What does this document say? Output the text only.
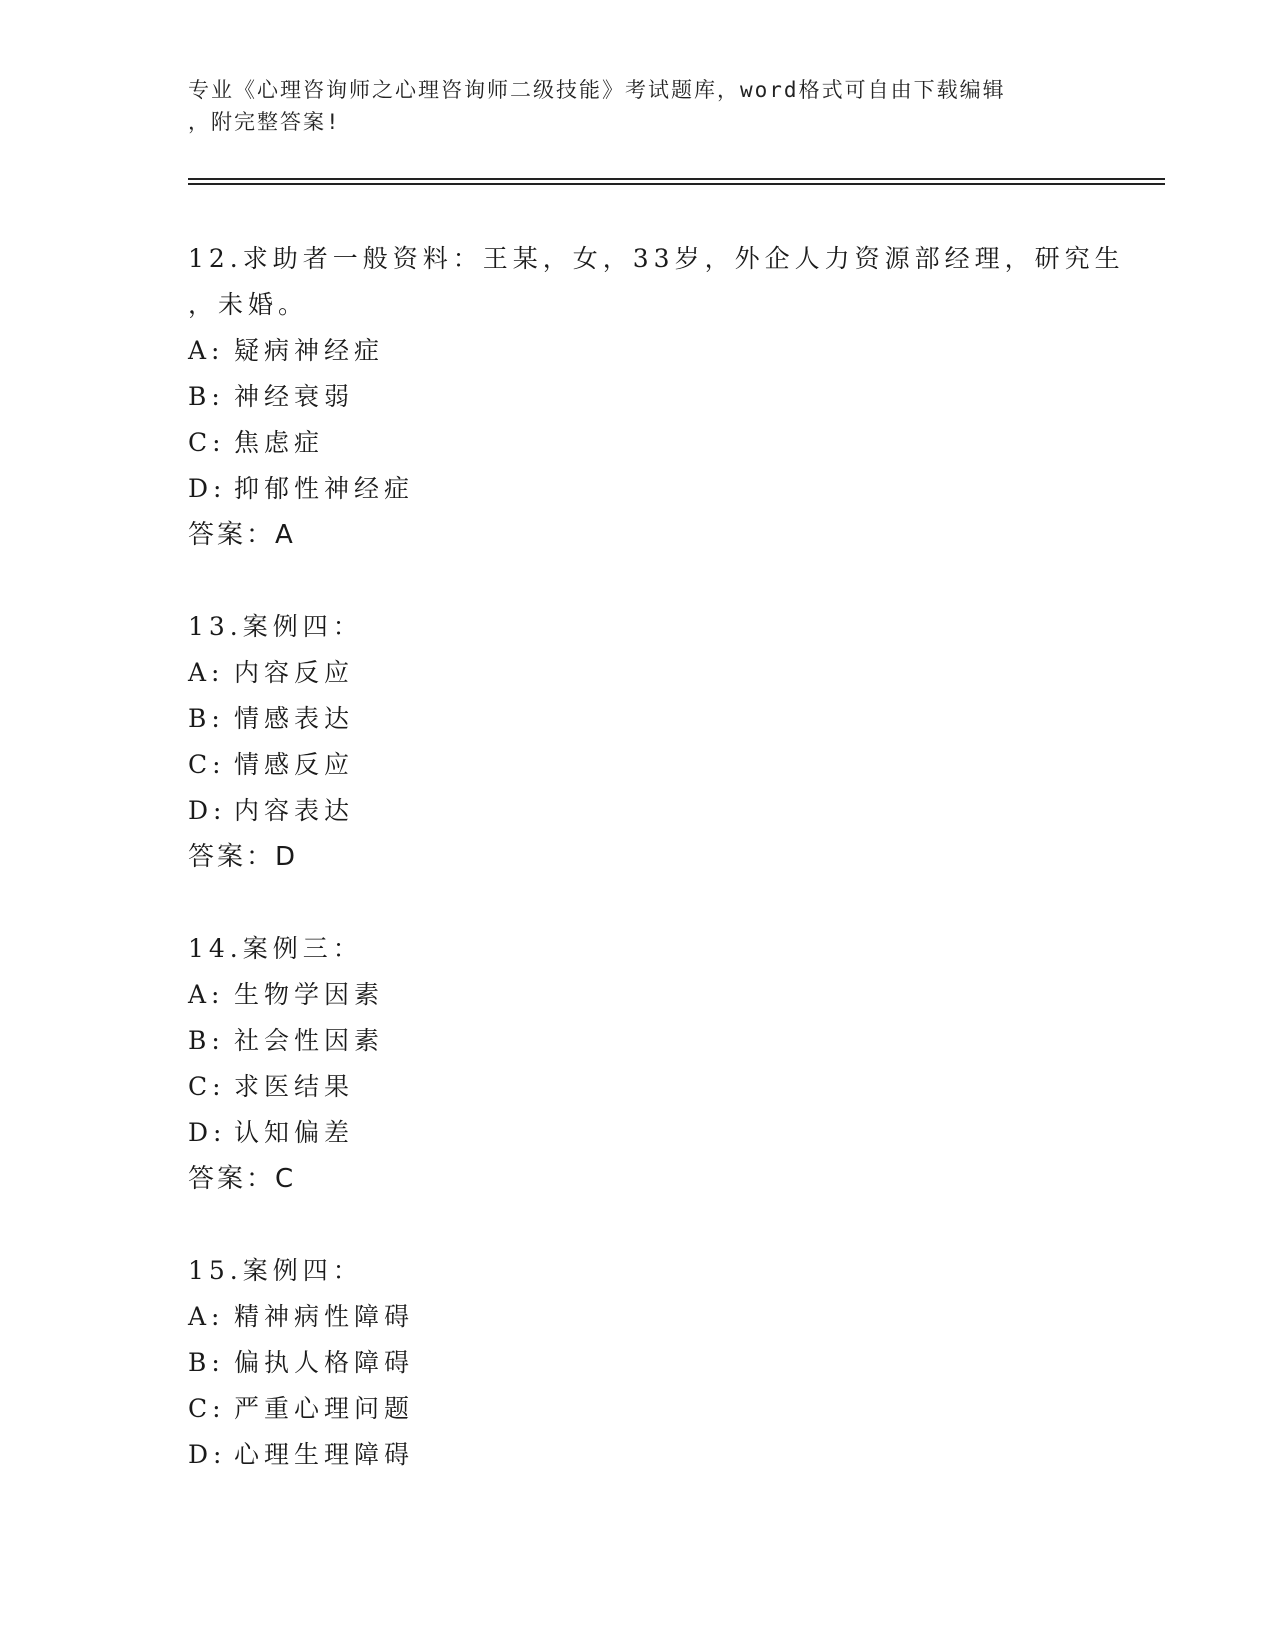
专业《心理咨询师之心理咨询师二级技能》考试题库，word格式可自由下载编辑
，附完整答案!
12.求助者一般资料：王某，女，33岁，外企人力资源部经理，研究生
，未婚。
A: 疑病神经症
B: 神经衰弱
C: 焦虑症
D: 抑郁性神经症
答案：A
13.案例四：
A: 内容反应
B: 情感表达
C: 情感反应
D: 内容表达
答案：D
14.案例三：
A: 生物学因素
B: 社会性因素
C: 求医结果
D: 认知偏差
答案：C
15.案例四：
A: 精神病性障碍
B: 偏执人格障碍
C: 严重心理问题
D: 心理生理障碍
